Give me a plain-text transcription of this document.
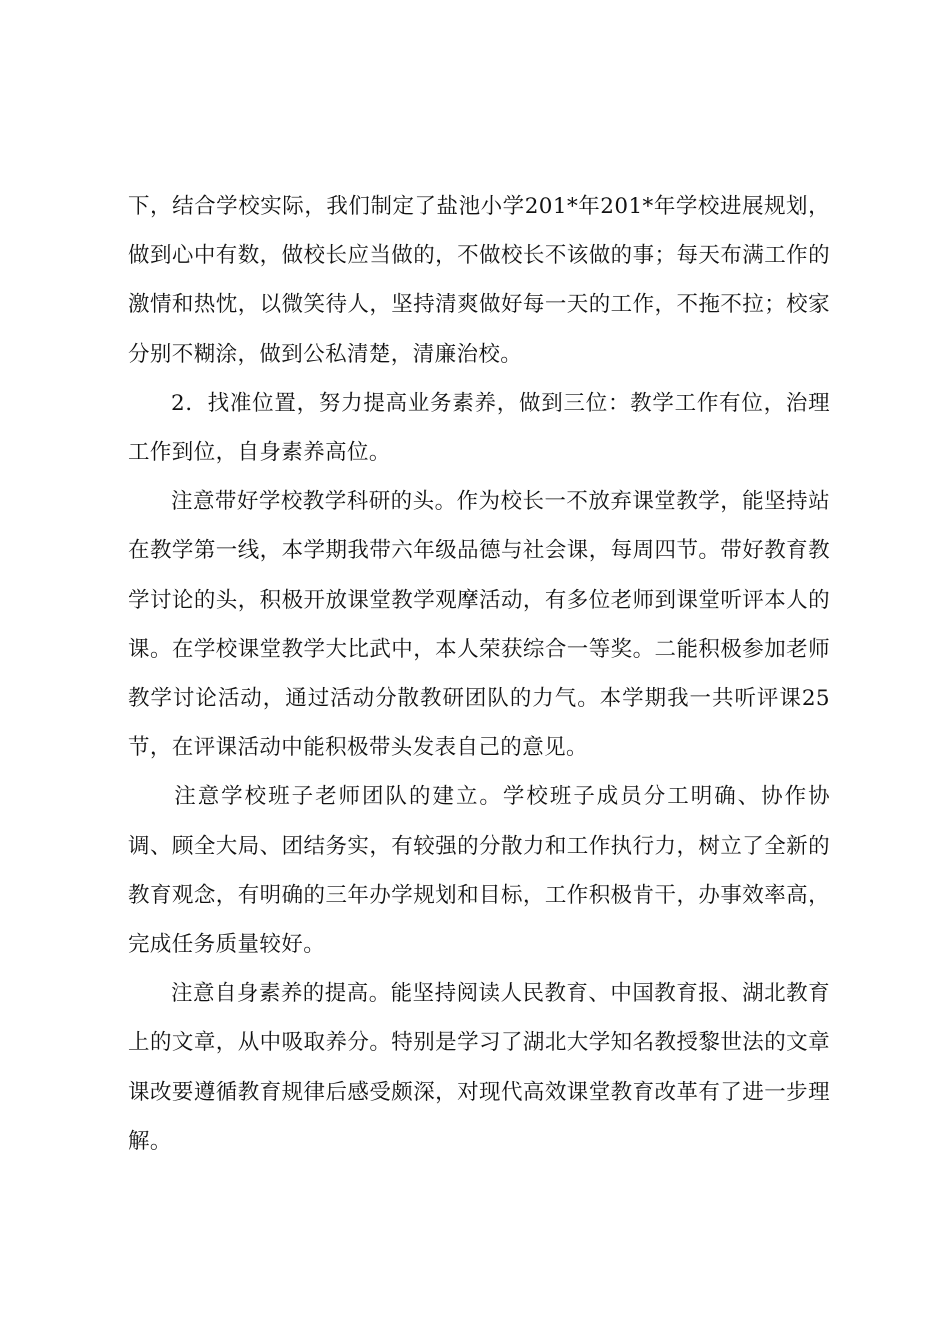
下，结合学校实际，我们制定了盐池小学201*年201*年学校进展规划，做到心中有数，做校长应当做的，不做校长不该做的事；每天布满工作的激情和热忱，以微笑待人，坚持清爽做好每一天的工作，不拖不拉；校家分别不糊涂，做到公私清楚，清廉治校。

2．找准位置，努力提高业务素养，做到三位：教学工作有位，治理工作到位，自身素养高位。

注意带好学校教学科研的头。作为校长一不放弃课堂教学，能坚持站在教学第一线，本学期我带六年级品德与社会课，每周四节。带好教育教学讨论的头，积极开放课堂教学观摩活动，有多位老师到课堂听评本人的课。在学校课堂教学大比武中，本人荣获综合一等奖。二能积极参加老师教学讨论活动，通过活动分散教研团队的力气。本学期我一共听评课25节，在评课活动中能积极带头发表自己的意见。

注意学校班子老师团队的建立。学校班子成员分工明确、协作协调、顾全大局、团结务实，有较强的分散力和工作执行力，树立了全新的教育观念，有明确的三年办学规划和目标，工作积极肯干，办事效率高，完成任务质量较好。

注意自身素养的提高。能坚持阅读人民教育、中国教育报、湖北教育上的文章，从中吸取养分。特别是学习了湖北大学知名教授黎世法的文章课改要遵循教育规律后感受颇深，对现代高效课堂教育改革有了进一步理解。
